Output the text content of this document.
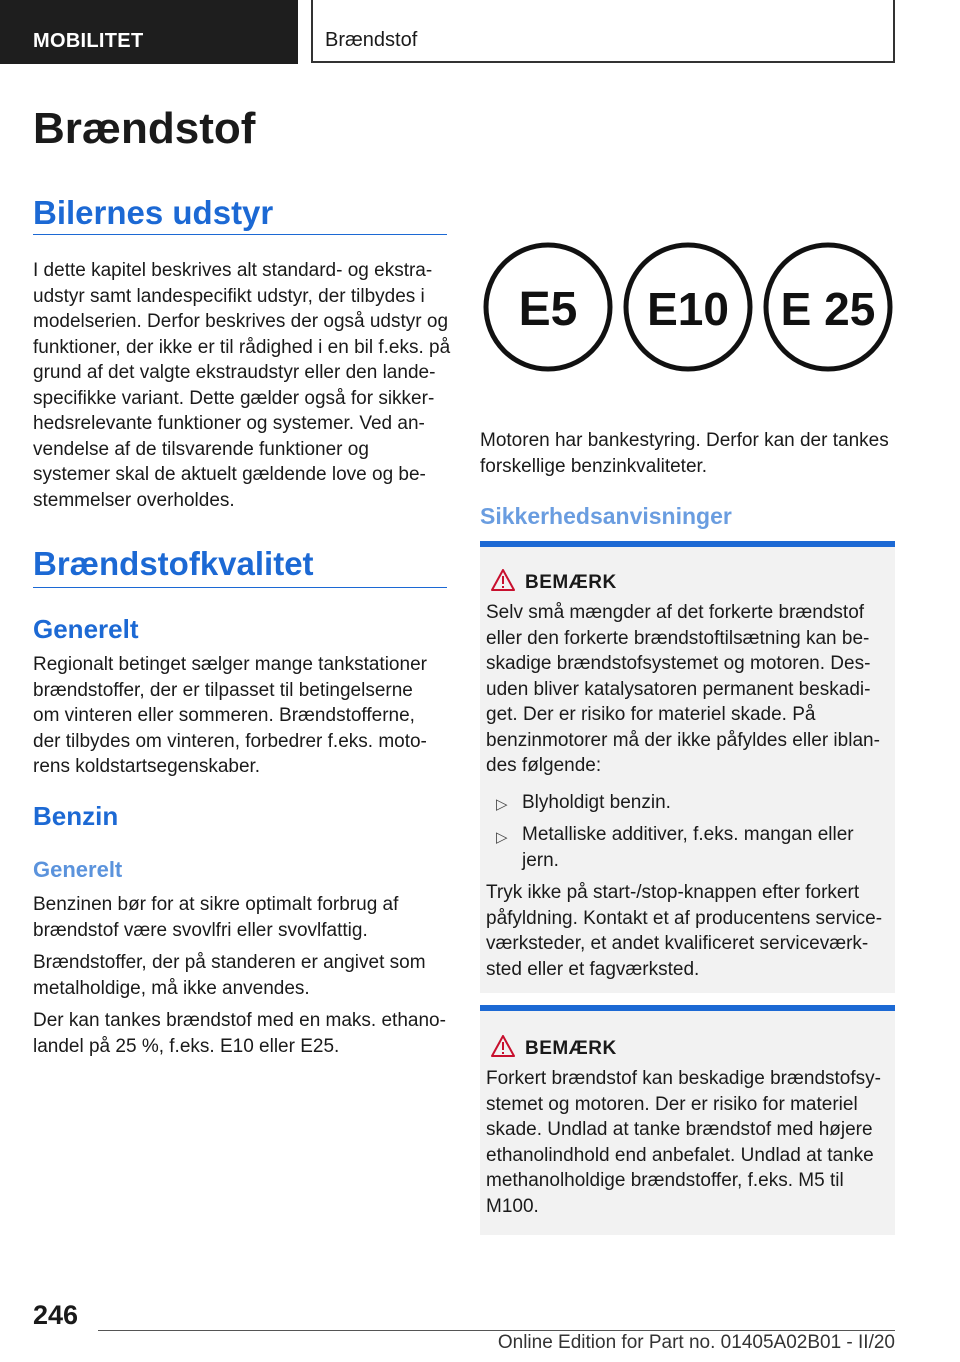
MOBILITET	Brændstof
Brændstof
Bilernes udstyr
I dette kapitel beskrives alt standard- og ekstra-
udstyr samt landespecifikt udstyr, der tilbydes i
modelserien. Derfor beskrives der også udstyr og
funktioner, der ikke er til rådighed i en bil f.eks. på
grund af det valgte ekstraudstyr eller den lande-
specifikke variant. Dette gælder også for sikker-
hedsrelevante funktioner og systemer. Ved an-
vendelse af de tilsvarende funktioner og
systemer skal de aktuelt gældende love og be-
stemmelser overholdes.
Brændstofkvalitet
Generelt
Regionalt betinget sælger mange tankstationer
brændstoffer, der er tilpasset til betingelserne
om vinteren eller sommeren. Brændstofferne,
der tilbydes om vinteren, forbedrer f.eks. moto-
rens koldstartsegenskaber.
Benzin
Generelt
Benzinen bør for at sikre optimalt forbrug af
brændstof være svovlfri eller svovlfattig.
Brændstoffer, der på standeren er angivet som
metalholdige, må ikke anvendes.
Der kan tankes brændstof med en maks. ethano-
landel på 25 %, f.eks. E10 eller E25.
E5 E10 E 25
Motoren har bankestyring. Derfor kan der tankes
forskellige benzinkvaliteter.
Sikkerhedsanvisninger
BEMÆRK
Selv små mængder af det forkerte brændstof
eller den forkerte brændstoftilsætning kan be-
skadige brændstofsystemet og motoren. Des-
uden bliver katalysatoren permanent beskadi-
get. Der er risiko for materiel skade. På
benzinmotorer må der ikke påfyldes eller iblan-
des følgende:
▷ Blyholdigt benzin.
▷ Metalliske additiver, f.eks. mangan eller
jern.
Tryk ikke på start-/stop-knappen efter forkert
påfyldning. Kontakt et af producentens service-
værksteder, et andet kvalificeret serviceværk-
sted eller et fagværksted.
BEMÆRK
Forkert brændstof kan beskadige brændstofsy-
stemet og motoren. Der er risiko for materiel
skade. Undlad at tanke brændstof med højere
ethanolindhold end anbefalet. Undlad at tanke
methanolholdige brændstoffer, f.eks. M5 til
M100.
246
Online Edition for Part no. 01405A02B01 - II/20
